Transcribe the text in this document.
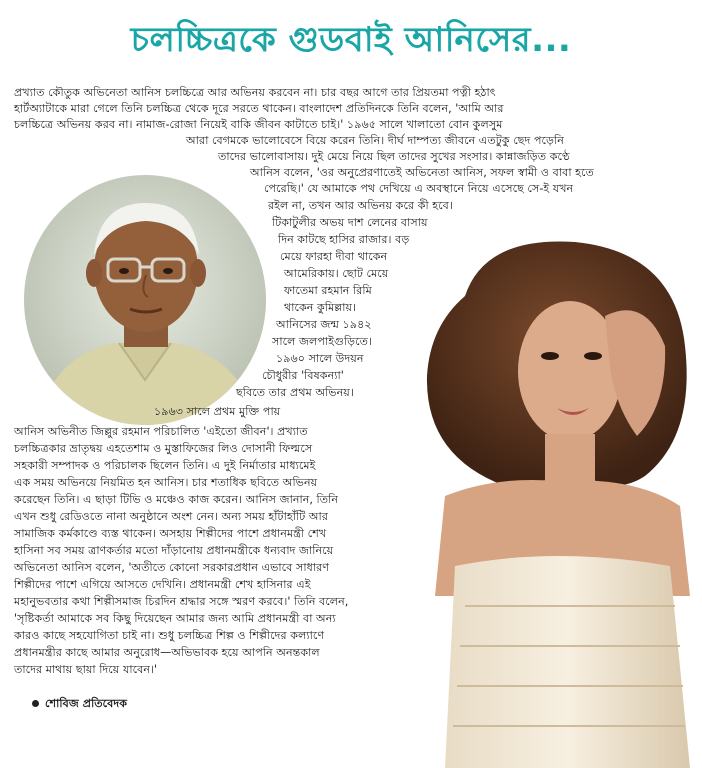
চলচ্চিত্রকে গুডবাই আনিসের...
প্রখ্যাত কৌতুক অভিনেতা আনিস চলচ্চিত্রে আর অভিনয় করবেন না। চার বছর আগে তার প্রিয়তমা পত্নী হঠাৎ
হার্টঅ্যাটাকে মারা গেলে তিনি চলচ্চিত্র থেকে দূরে সরতে থাকেন। বাংলাদেশ প্রতিদিনকে তিনি বলেন, 'আমি আর
চলচ্চিত্রে অভিনয় করব না। নামাজ-রোজা নিয়েই বাকি জীবন কাটাতে চাই।' ১৯৬৫ সালে খালাতো বোন কুলসুম
আরা বেগমকে ভালোবেসে বিয়ে করেন তিনি। দীর্ঘ দাম্পত্য জীবনে এতটুকু ছেদ পড়েনি
তাদের ভালোবাসায়। দুই মেয়ে নিয়ে ছিল তাদের সুখের সংসার। কান্নাজড়িত কণ্ঠে
আনিস বলেন, 'ওর অনুপ্রেরণাতেই অভিনেতা আনিস, সফল স্বামী ও বাবা হতে
পেরেছি।' যে আমাকে পথ দেখিয়ে এ অবস্থানে নিয়ে এসেছে সে-ই যখন
রইল না, তখন আর অভিনয় করে কী হবে।
টিকাটুলীর অভয় দাশ লেনের বাসায়
দিন কাটছে হাসির রাজার। বড়
মেয়ে ফারহা দীবা থাকেন
আমেরিকায়। ছোট মেয়ে
ফাতেমা রহমান রিমি
থাকেন কুমিল্লায়।
আনিসের জন্ম ১৯৪২
সালে জলপাইগুড়িতে।
১৯৬০ সালে উদয়ন
চৌধুরীর 'বিষকন্যা'
ছবিতে তার প্রথম অভিনয়।
১৯৬৩ সালে প্রথম মুক্তি পায়
আনিস অভিনীত জিল্লুর রহমান পরিচালিত 'এইতো জীবন'। প্রখ্যাত
চলচ্চিত্রকার ভ্রাতৃদ্বয় এহতেশাম ও মুস্তাফিজের লিও দোসানী ফিল্মসে
সহকারী সম্পাদক ও পরিচালক ছিলেন তিনি। এ দুই নির্মাতার মাধ্যমেই
এক সময় অভিনয়ে নিয়মিত হন আনিস। চার শতাধিক ছবিতে অভিনয়
করেছেন তিনি। এ ছাড়া টিভি ও মঞ্চেও কাজ করেন। আনিস জানান, তিনি
এখন শুধু রেডিওতে নানা অনুষ্ঠানে অংশ নেন। অন্য সময় হাঁটাহাঁটি আর
সামাজিক কর্মকাণ্ডে ব্যস্ত থাকেন। অসহায় শিল্পীদের পাশে প্রধানমন্ত্রী শেখ
হাসিনা সব সময় ত্রাণকর্তার মতো দাঁড়ানোয় প্রধানমন্ত্রীকে ধন্যবাদ জানিয়ে
অভিনেতা আনিস বলেন, 'অতীতে কোনো সরকারপ্রধান এভাবে সাধারণ
শিল্পীদের পাশে এগিয়ে আসতে দেখিনি। প্রধানমন্ত্রী শেখ হাসিনার এই
মহানুভবতার কথা শিল্পীসমাজ চিরদিন শ্রদ্ধার সঙ্গে স্মরণ করবে।' তিনি বলেন,
'সৃষ্টিকর্তা আমাকে সব কিছু দিয়েছেন আমার জন্য আমি প্রধানমন্ত্রী বা অন্য
কারও কাছে সহযোগিতা চাই না। শুধু চলচ্চিত্র শিল্প ও শিল্পীদের কল্যাণে
প্রধানমন্ত্রীর কাছে আমার অনুরোধ—অভিভাবক হয়ে আপনি অনন্তকাল
তাদের মাথায় ছায়া দিয়ে যাবেন।'
শোবিজ প্রতিবেদক
